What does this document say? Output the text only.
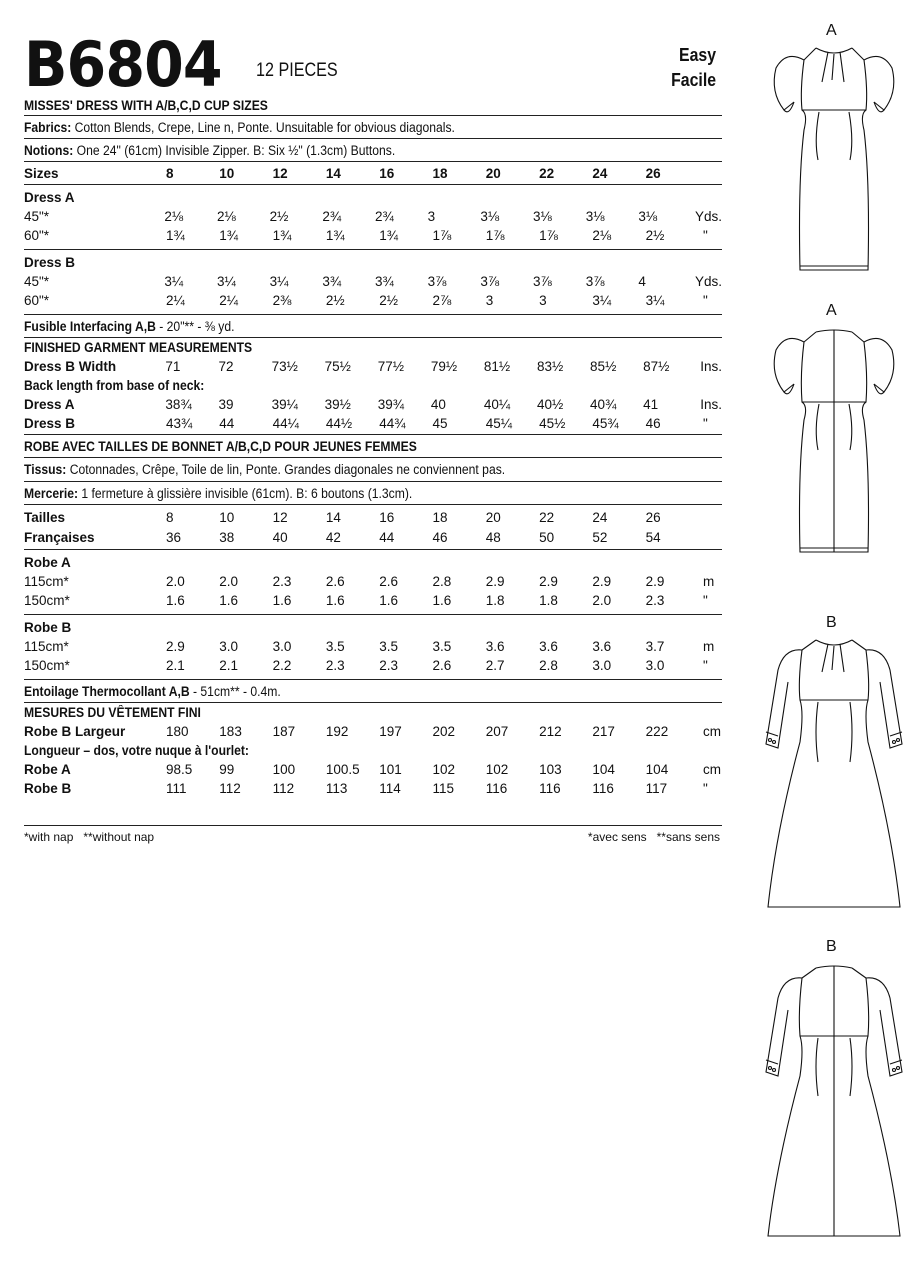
B6804 12 PIECES
Easy
Facile
MISSES' DRESS WITH A/B,C,D CUP SIZES
Fabrics: Cotton Blends, Crepe, Line n, Ponte. Unsuitable for obvious diagonals.
Notions: One 24" (61cm) Invisible Zipper. B: Six ½" (1.3cm) Buttons.
Sizes	8	10	12	14	16	18	20	22	24	26
Dress A
45"*	2⅛	2⅛	2½	2¾	2¾	3	3⅛	3⅛	3⅛	3⅛	Yds.
60"*	1¾	1¾	1¾	1¾	1¾	1⅞	1⅞	1⅞	2⅛	2½	"
Dress B
45"*	3¼	3¼	3¼	3¾	3¾	3⅞	3⅞	3⅞	3⅞	4	Yds.
60"*	2¼	2¼	2⅜	2½	2½	2⅞	3	3	3¼	3¼	"
Fusible Interfacing A,B - 20"** - ⅜ yd.
FINISHED GARMENT MEASUREMENTS
Dress B Width	71	72	73½	75½	77½	79½	81½	83½	85½	87½	Ins.
Back length from base of neck:
Dress A	38¾	39	39¼	39½	39¾	40	40¼	40½	40¾	41	Ins.
Dress B	43¾	44	44¼	44½	44¾	45	45¼	45½	45¾	46	"
ROBE AVEC TAILLES DE BONNET A/B,C,D POUR JEUNES FEMMES
Tissus: Cotonnades, Crêpe, Toile de lin, Ponte. Grandes diagonales ne conviennent pas.
Mercerie: 1 fermeture à glissière invisible (61cm). B: 6 boutons (1.3cm).
Tailles	8	10	12	14	16	18	20	22	24	26
Françaises	36	38	40	42	44	46	48	50	52	54
Robe A
115cm*	2.0	2.0	2.3	2.6	2.6	2.8	2.9	2.9	2.9	2.9	m
150cm*	1.6	1.6	1.6	1.6	1.6	1.6	1.8	1.8	2.0	2.3	"
Robe B
115cm*	2.9	3.0	3.0	3.5	3.5	3.5	3.6	3.6	3.6	3.7	m
150cm*	2.1	2.1	2.2	2.3	2.3	2.6	2.7	2.8	3.0	3.0	"
Entoilage Thermocollant A,B - 51cm** - 0.4m.
MESURES DU VÊTEMENT FINI
Robe B Largeur	180	183	187	192	197	202	207	212	217	222	cm
Longueur – dos, votre nuque à l'ourlet:
Robe A	98.5	99	100	100.5	101	102	102	103	104	104	cm
Robe B	111	112	112	113	114	115	116	116	116	117	"
*with nap   **without nap	*avec sens   **sans sens
A
A
B
B
